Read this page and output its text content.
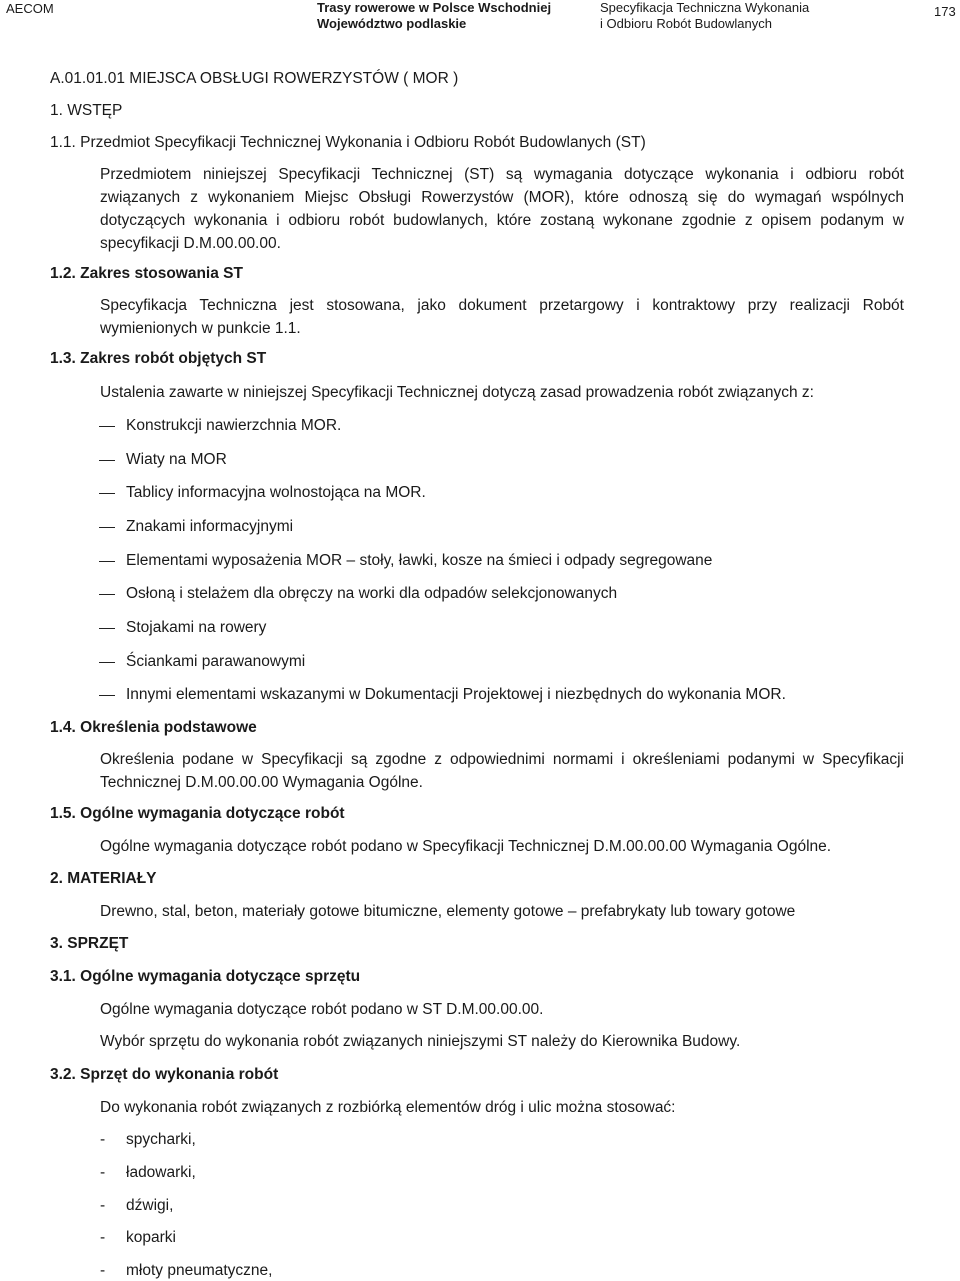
AECOM	Trasy rowerowe w Polsce Wschodniej
Województwo podlaskie
Specyfikacja Techniczna Wykonania
i Odbioru Robót Budowlanych
173
A.01.01.01 MIEJSCA OBSŁUGI ROWERZYSTÓW ( MOR )
1. WSTĘP
1.1. Przedmiot Specyfikacji Technicznej Wykonania i Odbioru Robót Budowlanych (ST)
Przedmiotem niniejszej Specyfikacji Technicznej (ST) są wymagania dotyczące wykonania i odbioru robót
związanych z wykonaniem Miejsc Obsługi Rowerzystów (MOR), które odnoszą się do wymagań wspólnych
dotyczących wykonania i odbioru robót budowlanych, które zostaną wykonane zgodnie z opisem podanym w
specyfikacji D.M.00.00.00.
1.2. Zakres stosowania ST
Specyfikacja Techniczna jest stosowana, jako dokument przetargowy i kontraktowy przy realizacji Robót
wymienionych w punkcie 1.1.
1.3. Zakres robót objętych ST
Ustalenia zawarte w niniejszej Specyfikacji Technicznej dotyczą zasad prowadzenia robót związanych z:
Konstrukcji nawierzchnia MOR.
Wiaty na MOR
Tablicy informacyjna wolnostojąca na MOR.
Znakami informacyjnymi
Elementami wyposażenia MOR – stoły, ławki, kosze na śmieci i odpady segregowane
Osłoną i stelażem dla obręczy na worki dla odpadów selekcjonowanych
Stojakami na rowery
Ściankami parawanowymi
Innymi elementami wskazanymi w Dokumentacji Projektowej i niezbędnych do wykonania MOR.
1.4. Określenia podstawowe
Określenia podane w Specyfikacji są zgodne z odpowiednimi normami i określeniami podanymi w Specyfikacji
Technicznej D.M.00.00.00 Wymagania Ogólne.
1.5. Ogólne wymagania dotyczące robót
Ogólne wymagania dotyczące robót podano w Specyfikacji Technicznej D.M.00.00.00 Wymagania Ogólne.
2. MATERIAŁY
Drewno, stal, beton, materiały gotowe bitumiczne, elementy gotowe – prefabrykaty lub towary gotowe
3. SPRZĘT
3.1. Ogólne wymagania dotyczące sprzętu
Ogólne wymagania dotyczące robót podano w ST D.M.00.00.00.
Wybór sprzętu do wykonania robót związanych niniejszymi ST należy do Kierownika Budowy.
3.2. Sprzęt do wykonania robót
Do wykonania robót związanych z rozbiórką elementów dróg i ulic można stosować:
- spycharki,
- ładowarki,
- dźwigi,
- koparki
- młoty pneumatyczne,
